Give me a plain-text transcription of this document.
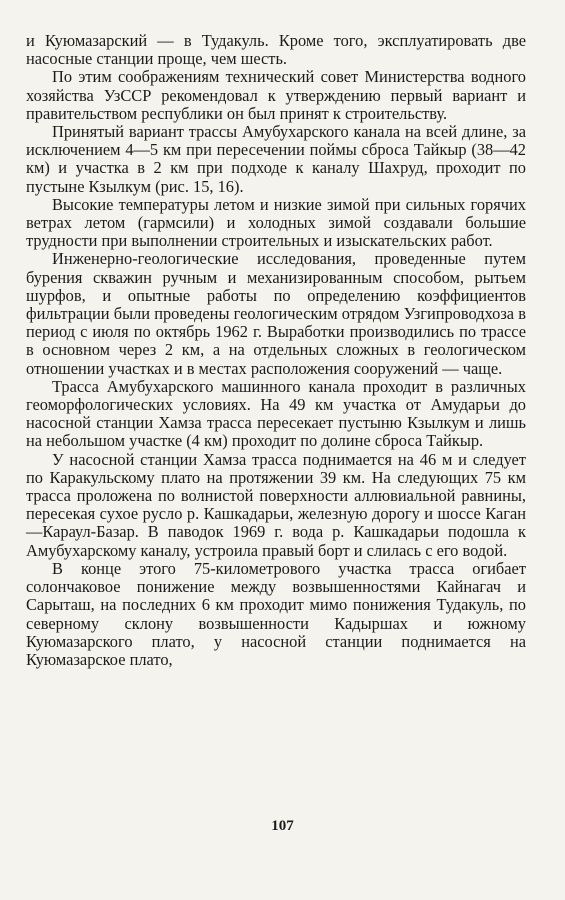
и Куюмазарский — в Тудакуль. Кроме того, эксплуатировать две насосные станции проще, чем шесть.

По этим соображениям технический совет Министерства водного хозяйства УзССР рекомендовал к утверждению первый вариант и правительством республики он был принят к строительству.

Принятый вариант трассы Амубухарского канала на всей длине, за исключением 4—5 км при пересечении поймы сброса Тайкыр (38—42 км) и участка в 2 км при подходе к каналу Шахруд, проходит по пустыне Кзылкум (рис. 15, 16).

Высокие температуры летом и низкие зимой при сильных горячих ветрах летом (гармсили) и холодных зимой создавали большие трудности при выполнении строительных и изыскательских работ.

Инженерно-геологические исследования, проведенные путем бурения скважин ручным и механизированным способом, рытьем шурфов, и опытные работы по определению коэффициентов фильтрации были проведены геологическим отрядом Узгипроводхоза в период с июля по октябрь 1962 г. Выработки производились по трассе в основном через 2 км, а на отдельных сложных в геологическом отношении участках и в местах расположения сооружений — чаще.

Трасса Амубухарского машинного канала проходит в различных геоморфологических условиях. На 49 км участка от Амударьи до насосной станции Хамза трасса пересекает пустыню Кзылкум и лишь на небольшом участке (4 км) проходит по долине сброса Тайкыр.

У насосной станции Хамза трасса поднимается на 46 м и следует по Каракульскому плато на протяжении 39 км. На следующих 75 км трасса проложена по волнистой поверхности аллювиальной равнины, пересекая сухое русло р. Кашкадарьи, железную дорогу и шоссе Каган—Караул-Базар. В паводок 1969 г. вода р. Кашкадарьи подошла к Амубухарскому каналу, устроила правый борт и слилась с его водой.

В конце этого 75-километрового участка трасса огибает солончаковое понижение между возвышенностями Кайнагач и Сарыташ, на последних 6 км проходит мимо понижения Тудакуль, по северному склону возвышенности Кадыршах и южному Куюмазарского плато, у насосной станции поднимается на Куюмазарское плато,

107
